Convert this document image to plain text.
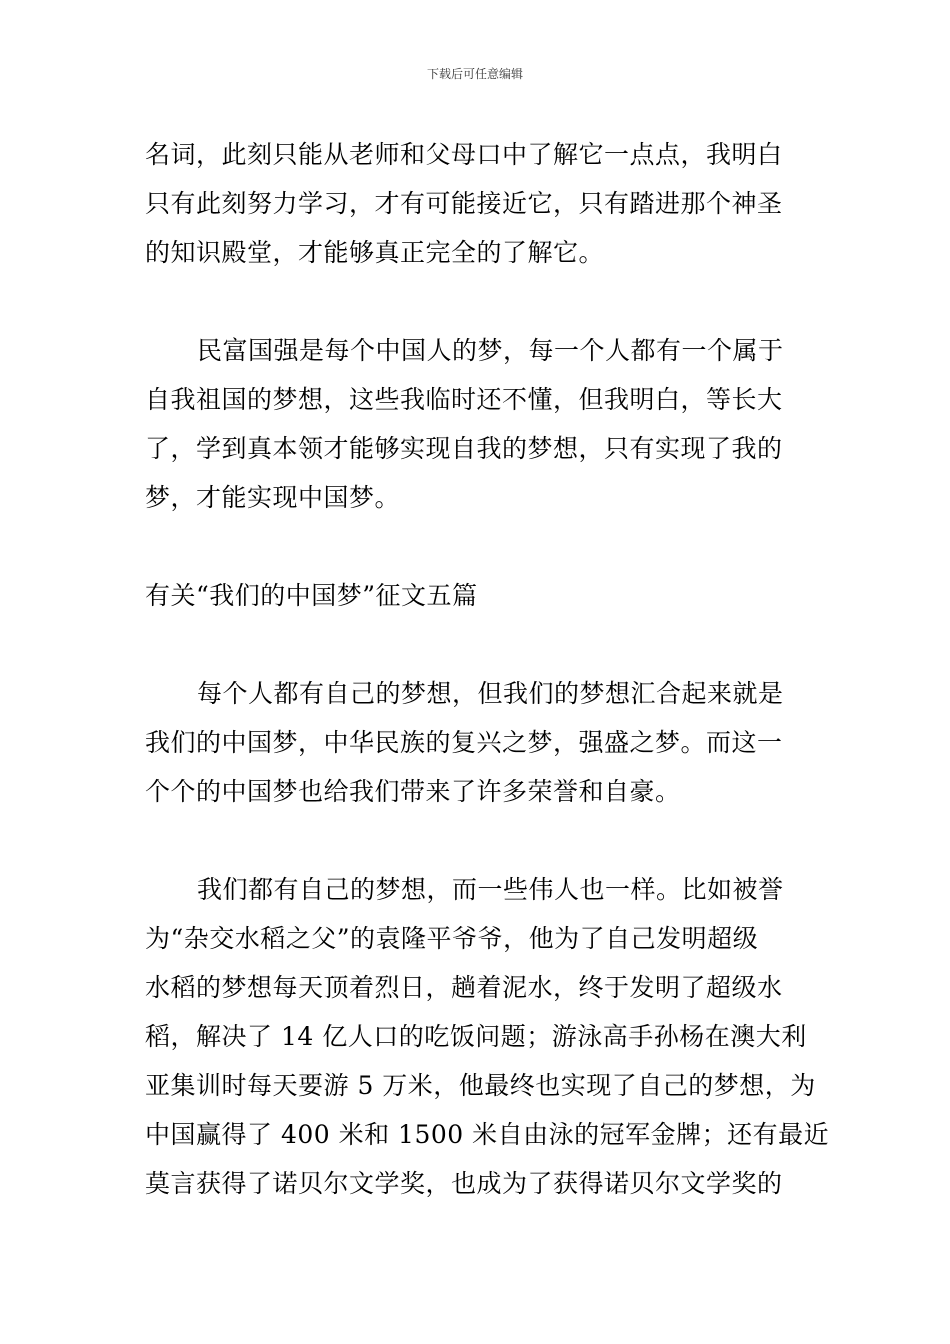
下载后可任意编辑
名词，此刻只能从老师和父母口中了解它一点点，我明白
只有此刻努力学习，才有可能接近它，只有踏进那个神圣
的知识殿堂，才能够真正完全的了解它。
民富国强是每个中国人的梦，每一个人都有一个属于
自我祖国的梦想，这些我临时还不懂，但我明白，等长大
了，学到真本领才能够实现自我的梦想，只有实现了我的
梦，才能实现中国梦。
有关“我们的中国梦”征文五篇
每个人都有自己的梦想，但我们的梦想汇合起来就是
我们的中国梦，中华民族的复兴之梦，强盛之梦。而这一
个个的中国梦也给我们带来了许多荣誉和自豪。
我们都有自己的梦想，而一些伟人也一样。比如被誉
为“杂交水稻之父”的袁隆平爷爷，他为了自己发明超级
水稻的梦想每天顶着烈日，趟着泥水，终于发明了超级水
稻，解决了 14 亿人口的吃饭问题；游泳高手孙杨在澳大利
亚集训时每天要游 5 万米，他最终也实现了自己的梦想，为
中国赢得了 400 米和 1500 米自由泳的冠军金牌；还有最近
莫言获得了诺贝尔文学奖，也成为了获得诺贝尔文学奖的
